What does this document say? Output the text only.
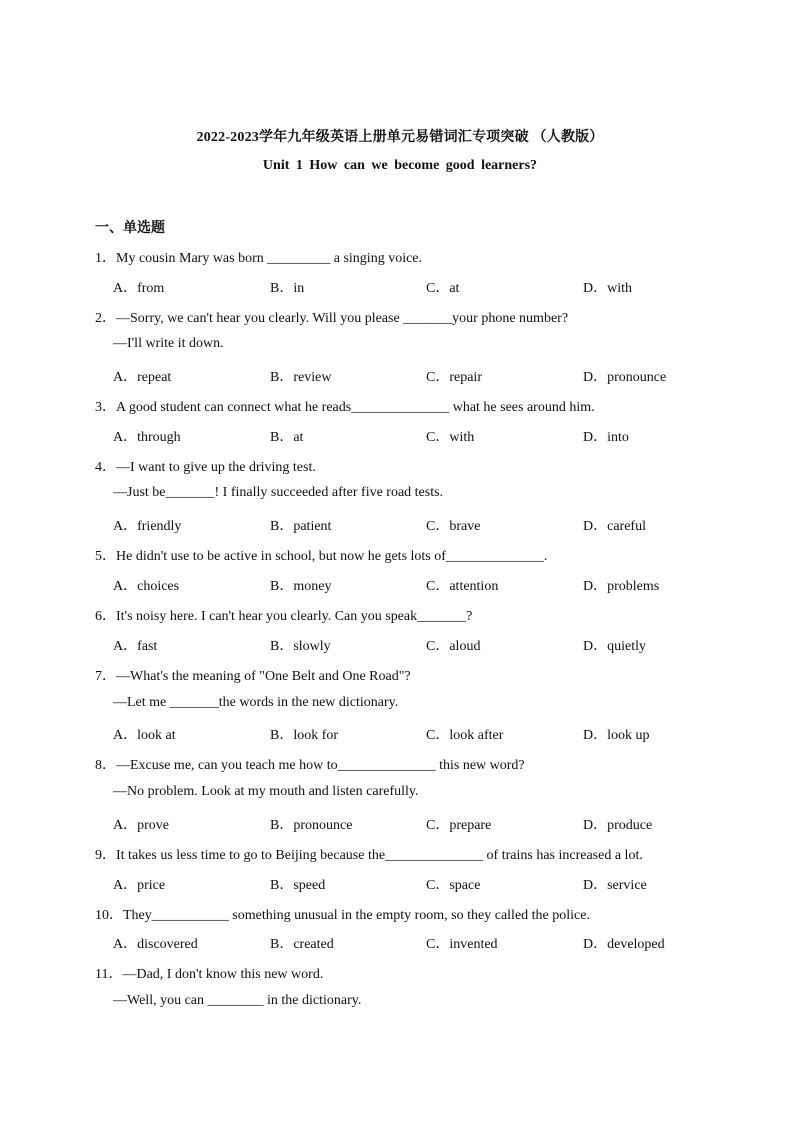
2022-2023学年九年级英语上册单元易错词汇专项突破 （人教版）
Unit 1 How can we become good learners?
一、单选题
1．My cousin Mary was born _________ a singing voice.
A．from	B．in	C．at	D．with
2．—Sorry, we can't hear you clearly. Will you please _______your phone number?
—I'll write it down.
A．repeat	B．review	C．repair	D．pronounce
3．A good student can connect what he reads______________ what he sees around him.
A．through	B．at	C．with	D．into
4．—I want to give up the driving test.
—Just be_______! I finally succeeded after five road tests.
A．friendly	B．patient	C．brave	D．careful
5．He didn't use to be active in school, but now he gets lots of______________.
A．choices	B．money	C．attention	D．problems
6．It's noisy here. I can't hear you clearly. Can you speak_______?
A．fast	B．slowly	C．aloud	D．quietly
7．—What's the meaning of "One Belt and One Road"?
—Let me _______the words in the new dictionary.
A．look at	B．look for	C．look after	D．look up
8．—Excuse me, can you teach me how to______________ this new word?
—No problem. Look at my mouth and listen carefully.
A．prove	B．pronounce	C．prepare	D．produce
9．It takes us less time to go to Beijing because the______________ of trains has increased a lot.
A．price	B．speed	C．space	D．service
10．They___________ something unusual in the empty room, so they called the police.
A．discovered	B．created	C．invented	D．developed
11．—Dad, I don't know this new word.
—Well, you can ________ in the dictionary.
